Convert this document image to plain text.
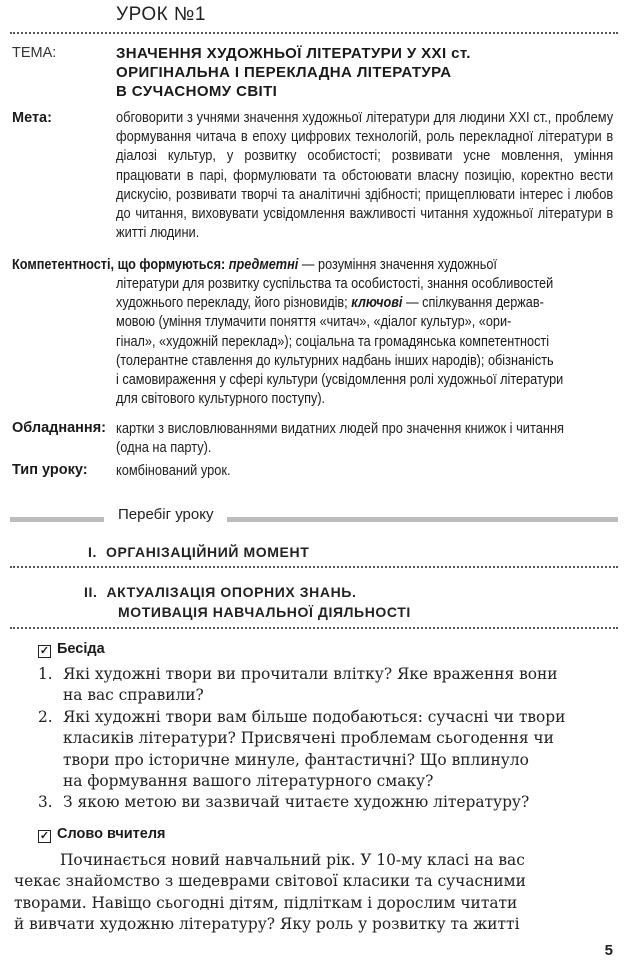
УРОК №1
ТЕМА:	ЗНАЧЕННЯ ХУДОЖНЬОЇ ЛІТЕРАТУРИ У XXI ст.
ОРИГІНАЛЬНА І ПЕРЕКЛАДНА ЛІТЕРАТУРА
В СУЧАСНОМУ СВІТІ
Мета:	обговорити з учнями значення художньої літератури для людини XXI ст., проблему формування читача в епоху цифрових технологій, роль перекладної літератури в діалозі культур, у розвитку особистості; розвивати усне мовлення, уміння працювати в парі, формулювати та обстоювати власну позицію, коректно вести дискусію, розвивати творчі та аналітичні здібності; прищеплювати інтерес і любов до читання, виховувати усвідомлення важливості читання художньої літератури в житті людини.
Компетентності, що формуються: предметні — розуміння значення художньої
літератури для розвитку суспільства та особистості, знання особливостей
художнього перекладу, його різновидів; ключові — спілкування держав-
мовою (уміння тлумачити поняття «читач», «діалог культур», «ори-
гінал», «художній переклад»); соціальна та громадянська компетентності
(толерантне ставлення до культурних надбань інших народів); обізнаність
і самовираження у сфері культури (усвідомлення ролі художньої літератури
для світового культурного поступу).
Обладнання: картки з висловлюваннями видатних людей про значення книжок і читання
(одна на парту).
Тип уроку: комбінований урок.
Перебіг уроку
I. ОРГАНІЗАЦІЙНИЙ МОМЕНТ
II. АКТУАЛІЗАЦІЯ ОПОРНИХ ЗНАНЬ.
МОТИВАЦІЯ НАВЧАЛЬНОЇ ДІЯЛЬНОСТІ
✓ Бесіда
1. Які художні твори ви прочитали влітку? Яке враження вони
на вас справили?
2. Які художні твори вам більше подобаються: сучасні чи твори
класиків літератури? Присвячені проблемам сьогодення чи
твори про історичне минуле, фантастичні? Що вплинуло
на формування вашого літературного смаку?
3. З якою метою ви зазвичай читаєте художню літературу?
✓ Слово вчителя
Починається новий навчальний рік. У 10-му класі на вас
чекає знайомство з шедеврами світової класики та сучасними
творами. Навіщо сьогодні дітям, підліткам і дорослим читати
й вивчати художню літературу? Яку роль у розвитку та житті
5
